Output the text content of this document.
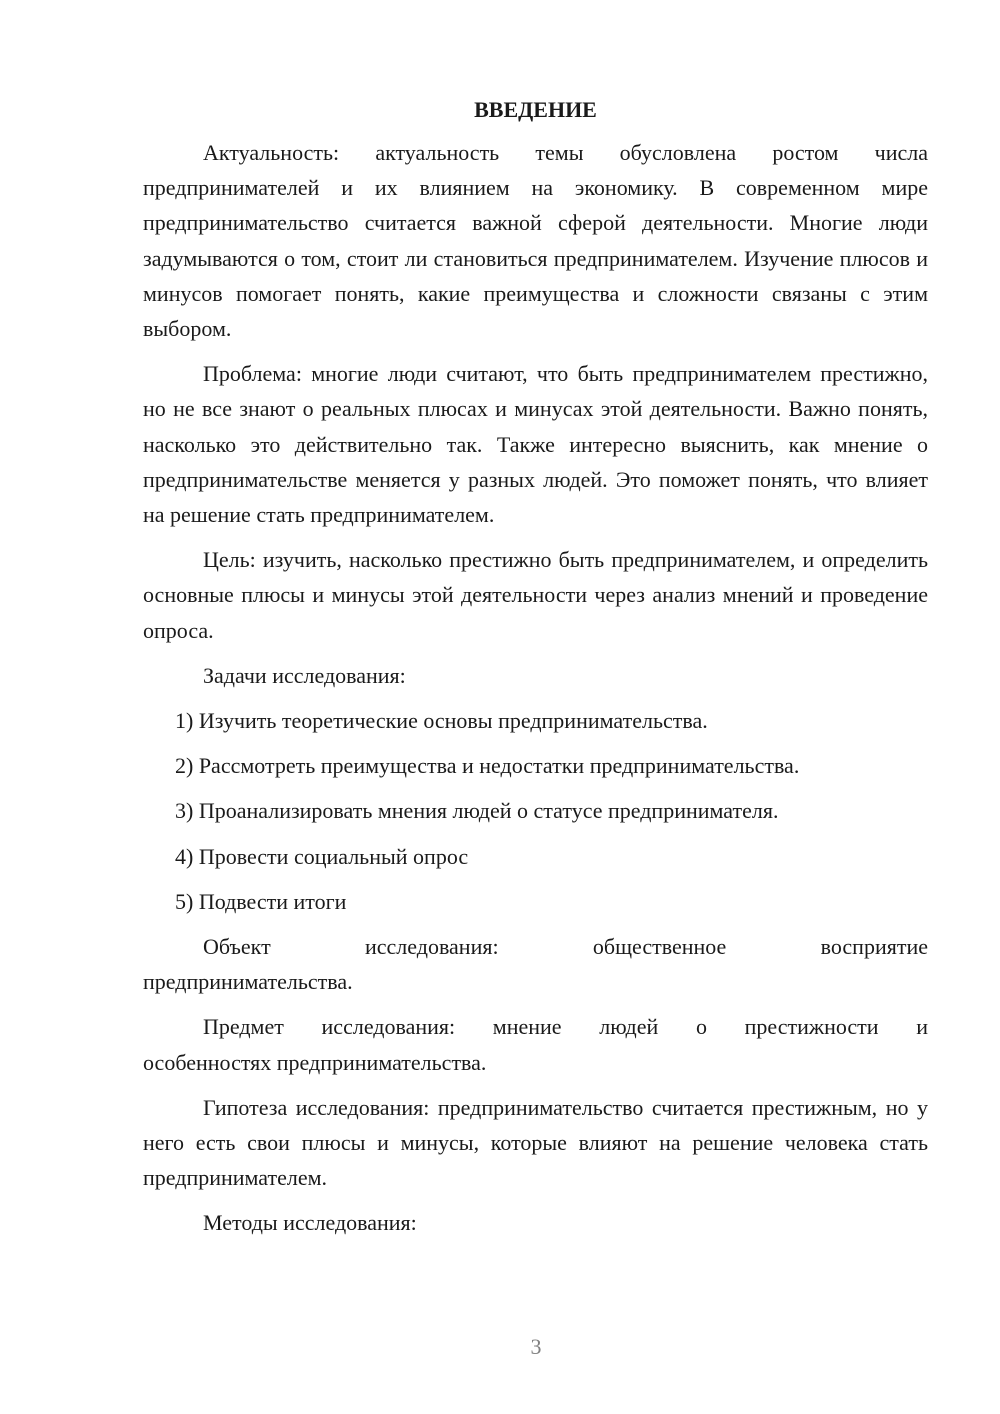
ВВЕДЕНИЕ

Актуальность: актуальность темы обусловлена ростом числа предпринимателей и их влиянием на экономику. В современном мире предпринимательство считается важной сферой деятельности. Многие люди задумываются о том, стоит ли становиться предпринимателем. Изучение плюсов и минусов помогает понять, какие преимущества и сложности связаны с этим выбором.

Проблема: многие люди считают, что быть предпринимателем престижно, но не все знают о реальных плюсах и минусах этой деятельности. Важно понять, насколько это действительно так. Также интересно выяснить, как мнение о предпринимательстве меняется у разных людей. Это поможет понять, что влияет на решение стать предпринимателем.

Цель: изучить, насколько престижно быть предпринимателем, и определить основные плюсы и минусы этой деятельности через анализ мнений и проведение опроса.

Задачи исследования:

1) Изучить теоретические основы предпринимательства.

2) Рассмотреть преимущества и недостатки предпринимательства.

3) Проанализировать мнения людей о статусе предпринимателя.

4) Провести социальный опрос

5) Подвести итоги

Объект исследования: общественное восприятие
предпринимательства.

Предмет исследования: мнение людей о престижности и
особенностях предпринимательства.

Гипотеза исследования: предпринимательство считается престижным, но у него есть свои плюсы и минусы, которые влияют на решение человека стать предпринимателем.

Методы исследования:

3
